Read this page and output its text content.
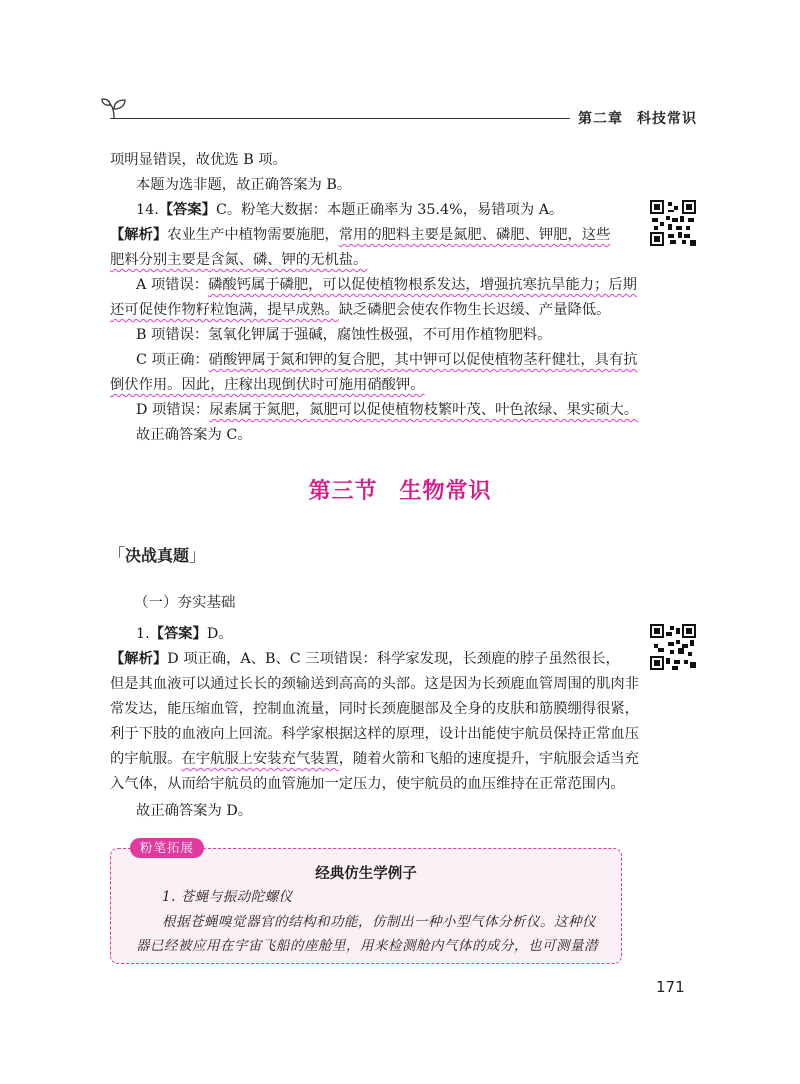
第二章 科技常识
项明显错误，故优选 B 项。
本题为选非题，故正确答案为 B。
14.【答案】C。粉笔大数据：本题正确率为 35.4%，易错项为 A。
【解析】农业生产中植物需要施肥，常用的肥料主要是氮肥、磷肥、钾肥，这些
肥料分别主要是含氮、磷、钾的无机盐。
A 项错误：磷酸钙属于磷肥，可以促使植物根系发达，增强抗寒抗旱能力；后期
还可促使作物籽粒饱满，提早成熟。缺乏磷肥会使农作物生长迟缓、产量降低。
B 项错误：氢氧化钾属于强碱，腐蚀性极强，不可用作植物肥料。
C 项正确：硝酸钾属于氮和钾的复合肥，其中钾可以促使植物茎秆健壮，具有抗
倒伏作用。因此，庄稼出现倒伏时可施用硝酸钾。
D 项错误：尿素属于氮肥，氮肥可以促使植物枝繁叶茂、叶色浓绿、果实硕大。
故正确答案为 C。
第三节 生物常识
「决战真题」
（一）夯实基础
1.【答案】D。
【解析】D 项正确，A、B、C 三项错误：科学家发现，长颈鹿的脖子虽然很长，
但是其血液可以通过长长的颈输送到高高的头部。这是因为长颈鹿血管周围的肌肉非
常发达，能压缩血管，控制血流量，同时长颈鹿腿部及全身的皮肤和筋膜绷得很紧，
利于下肢的血液向上回流。科学家根据这样的原理，设计出能使宇航员保持正常血压
的宇航服。在宇航服上安装充气装置，随着火箭和飞船的速度提升，宇航服会适当充
入气体，从而给宇航员的血管施加一定压力，使宇航员的血压维持在正常范围内。
故正确答案为 D。
粉笔拓展
经典仿生学例子
1. 苍蝇与振动陀螺仪
根据苍蝇嗅觉器官的结构和功能，仿制出一种小型气体分析仪。这种仪
器已经被应用在宇宙飞船的座舱里，用来检测舱内气体的成分，也可测量潜
171
